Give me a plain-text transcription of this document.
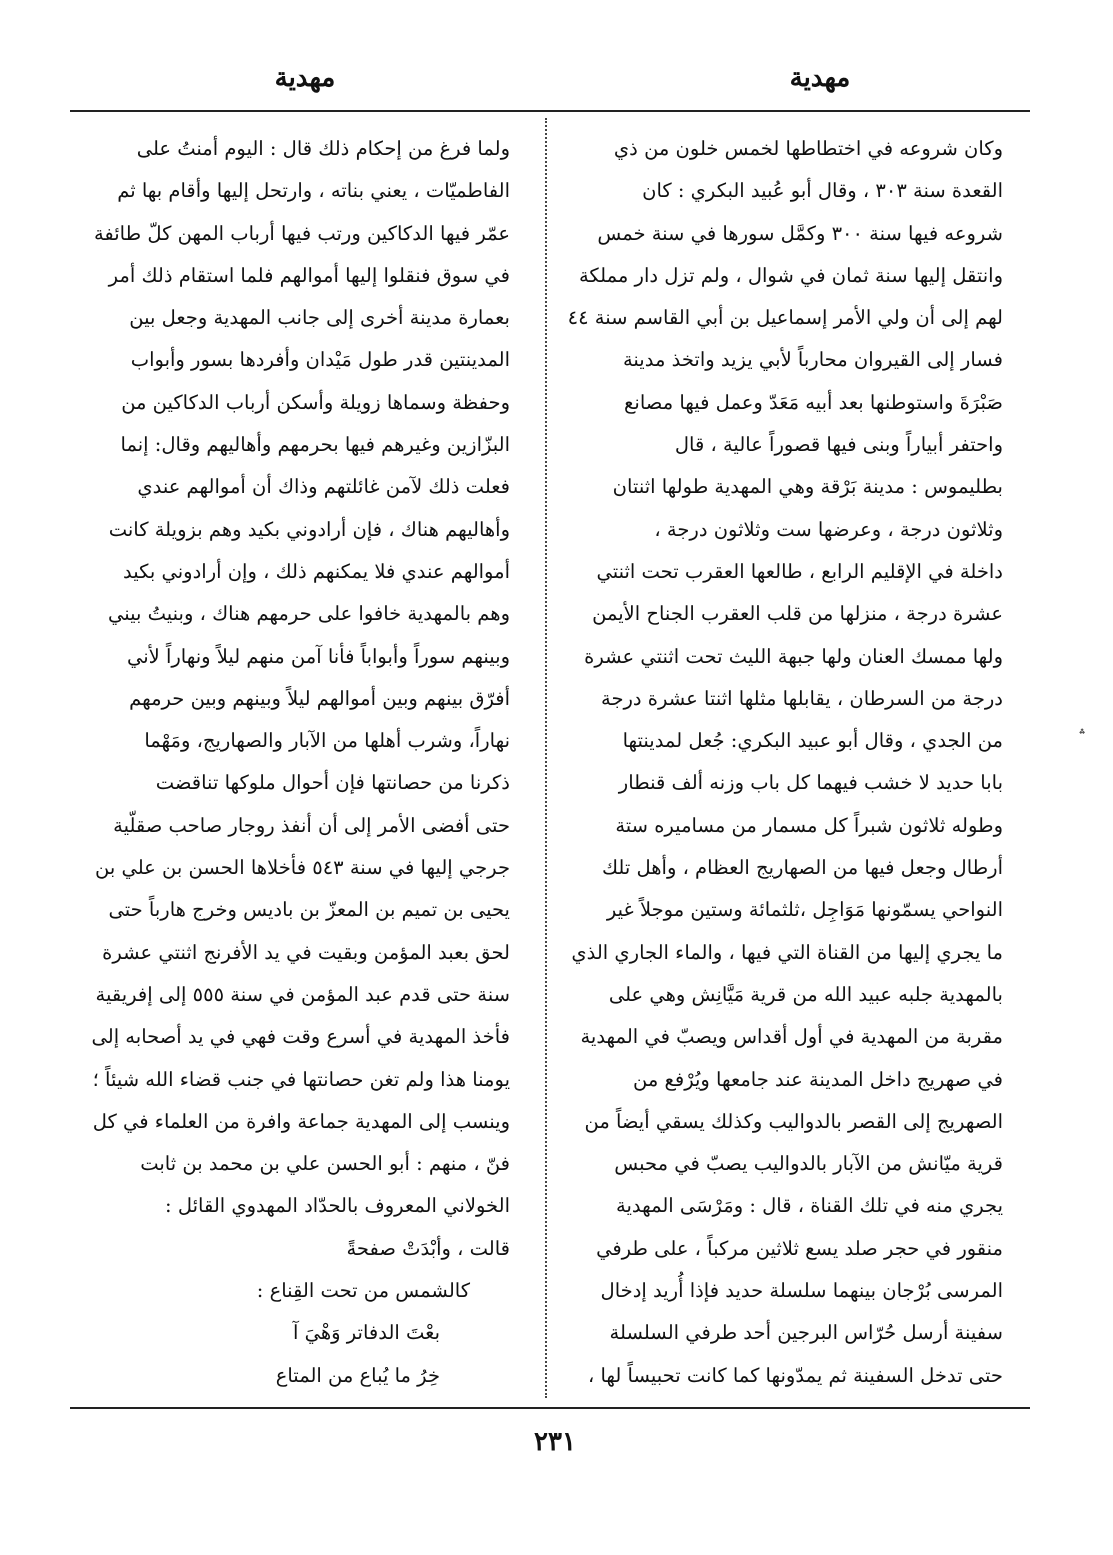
مهدية
مهدية
وكان شروعه في اختطاطها لخمس خلون من ذي
القعدة سنة ٣٠٣ ، وقال أبو عُبيد البكري : كان
شروعه فيها سنة ٣٠٠ وكمَّل سورها في سنة خمس
وانتقل إليها سنة ثمان في شوال ، ولم تزل دار مملكة
لهم إلى أن ولي الأمر إسماعيل بن أبي القاسم سنة ٤٤
فسار إلى القيروان محارباً لأبي يزيد واتخذ مدينة
صَبْرَةَ واستوطنها بعد أبيه مَعَدّ وعمل فيها مصانع
واحتفر أبياراً وبنى فيها قصوراً عالية ، قال
بطليموس : مدينة بَرْقة وهي المهدية طولها اثنتان
وثلاثون درجة ، وعرضها ست وثلاثون درجة ،
داخلة في الإقليم الرابع ، طالعها العقرب تحت اثنتي
عشرة درجة ، منزلها من قلب العقرب الجناح الأيمن
ولها ممسك العنان ولها جبهة الليث تحت اثنتي عشرة
درجة من السرطان ، يقابلها مثلها اثنتا عشرة درجة
من الجدي ، وقال أبو عبيد البكري: جُعل لمدينتها
بابا حديد لا خشب فيهما كل باب وزنه ألف قنطار
وطوله ثلاثون شبراً كل مسمار من مساميره ستة
أرطال وجعل فيها من الصهاريج العظام ، وأهل تلك
النواحي يسمّونها مَوَاجِل ،ثلثمائة وستين موجلاً غير
ما يجري إليها من القناة التي فيها ، والماء الجاري الذي
بالمهدية جلبه عبيد الله من قرية مَيَّانِش وهي على
مقربة من المهدية في أول أقداس ويصبّ في المهدية
في صهريج داخل المدينة عند جامعها ويُرْفع من
الصهريج إلى القصر بالدواليب وكذلك يسقي أيضاً من
قرية ميّانش من الآبار بالدواليب يصبّ في محبس
يجري منه في تلك القناة ، قال : ومَرْسَى المهدية
منقور في حجر صلد يسع ثلاثين مركباً ، على طرفي
المرسى بُرْجان بينهما سلسلة حديد فإذا أُريد إدخال
سفينة أرسل حُرّاس البرجين أحد طرفي السلسلة
حتى تدخل السفينة ثم يمدّونها كما كانت تحبيساً لها ،
ولما فرغ من إحكام ذلك قال : اليوم أمنتُ على
الفاطميّات ، يعني بناته ، وارتحل إليها وأقام بها ثم
عمّر فيها الدكاكين ورتب فيها أرباب المهن كلّ طائفة
في سوق فنقلوا إليها أموالهم فلما استقام ذلك أمر
بعمارة مدينة أخرى إلى جانب المهدية وجعل بين
المدينتين قدر طول مَيْدان وأفردها بسور وأبواب
وحفظة وسماها زويلة وأسكن أرباب الدكاكين من
البزّازين وغيرهم فيها بحرمهم وأهاليهم وقال: إنما
فعلت ذلك لآمن غائلتهم وذاك أن أموالهم عندي
وأهاليهم هناك ، فإن أرادوني بكيد وهم بزويلة كانت
أموالهم عندي فلا يمكنهم ذلك ، وإن أرادوني بكيد
وهم بالمهدية خافوا على حرمهم هناك ، وبنيتُ بيني
وبينهم سوراً وأبواباً فأنا آمن منهم ليلاً ونهاراً لأني
أفرّق بينهم وبين أموالهم ليلاً وبينهم وبين حرمهم
نهاراً، وشرب أهلها من الآبار والصهاريج، ومَهْما
ذكرنا من حصانتها فإن أحوال ملوكها تناقضت
حتى أفضى الأمر إلى أن أنفذ روجار صاحب صقلّية
جرجي إليها في سنة ٥٤٣ فأخلاها الحسن بن علي بن
يحيى بن تميم بن المعزّ بن باديس وخرج هارباً حتى
لحق بعبد المؤمن وبقيت في يد الأفرنج اثنتي عشرة
سنة حتى قدم عبد المؤمن في سنة ٥٥٥ إلى إفريقية
فأخذ المهدية في أسرع وقت فهي في يد أصحابه إلى
يومنا هذا ولم تغن حصانتها في جنب قضاء الله شيئاً ؛
وينسب إلى المهدية جماعة وافرة من العلماء في كل
فنّ ، منهم : أبو الحسن علي بن محمد بن ثابت
الخولاني المعروف بالحدّاد المهدوي القائل :
قالت ، وأبْدَتْ صفحةً
كالشمس من تحت القِناع :
بعْتَ الدفاتر وَهْيَ آ
خِرُ ما يُباع من المتاع
؞
٢٣١
